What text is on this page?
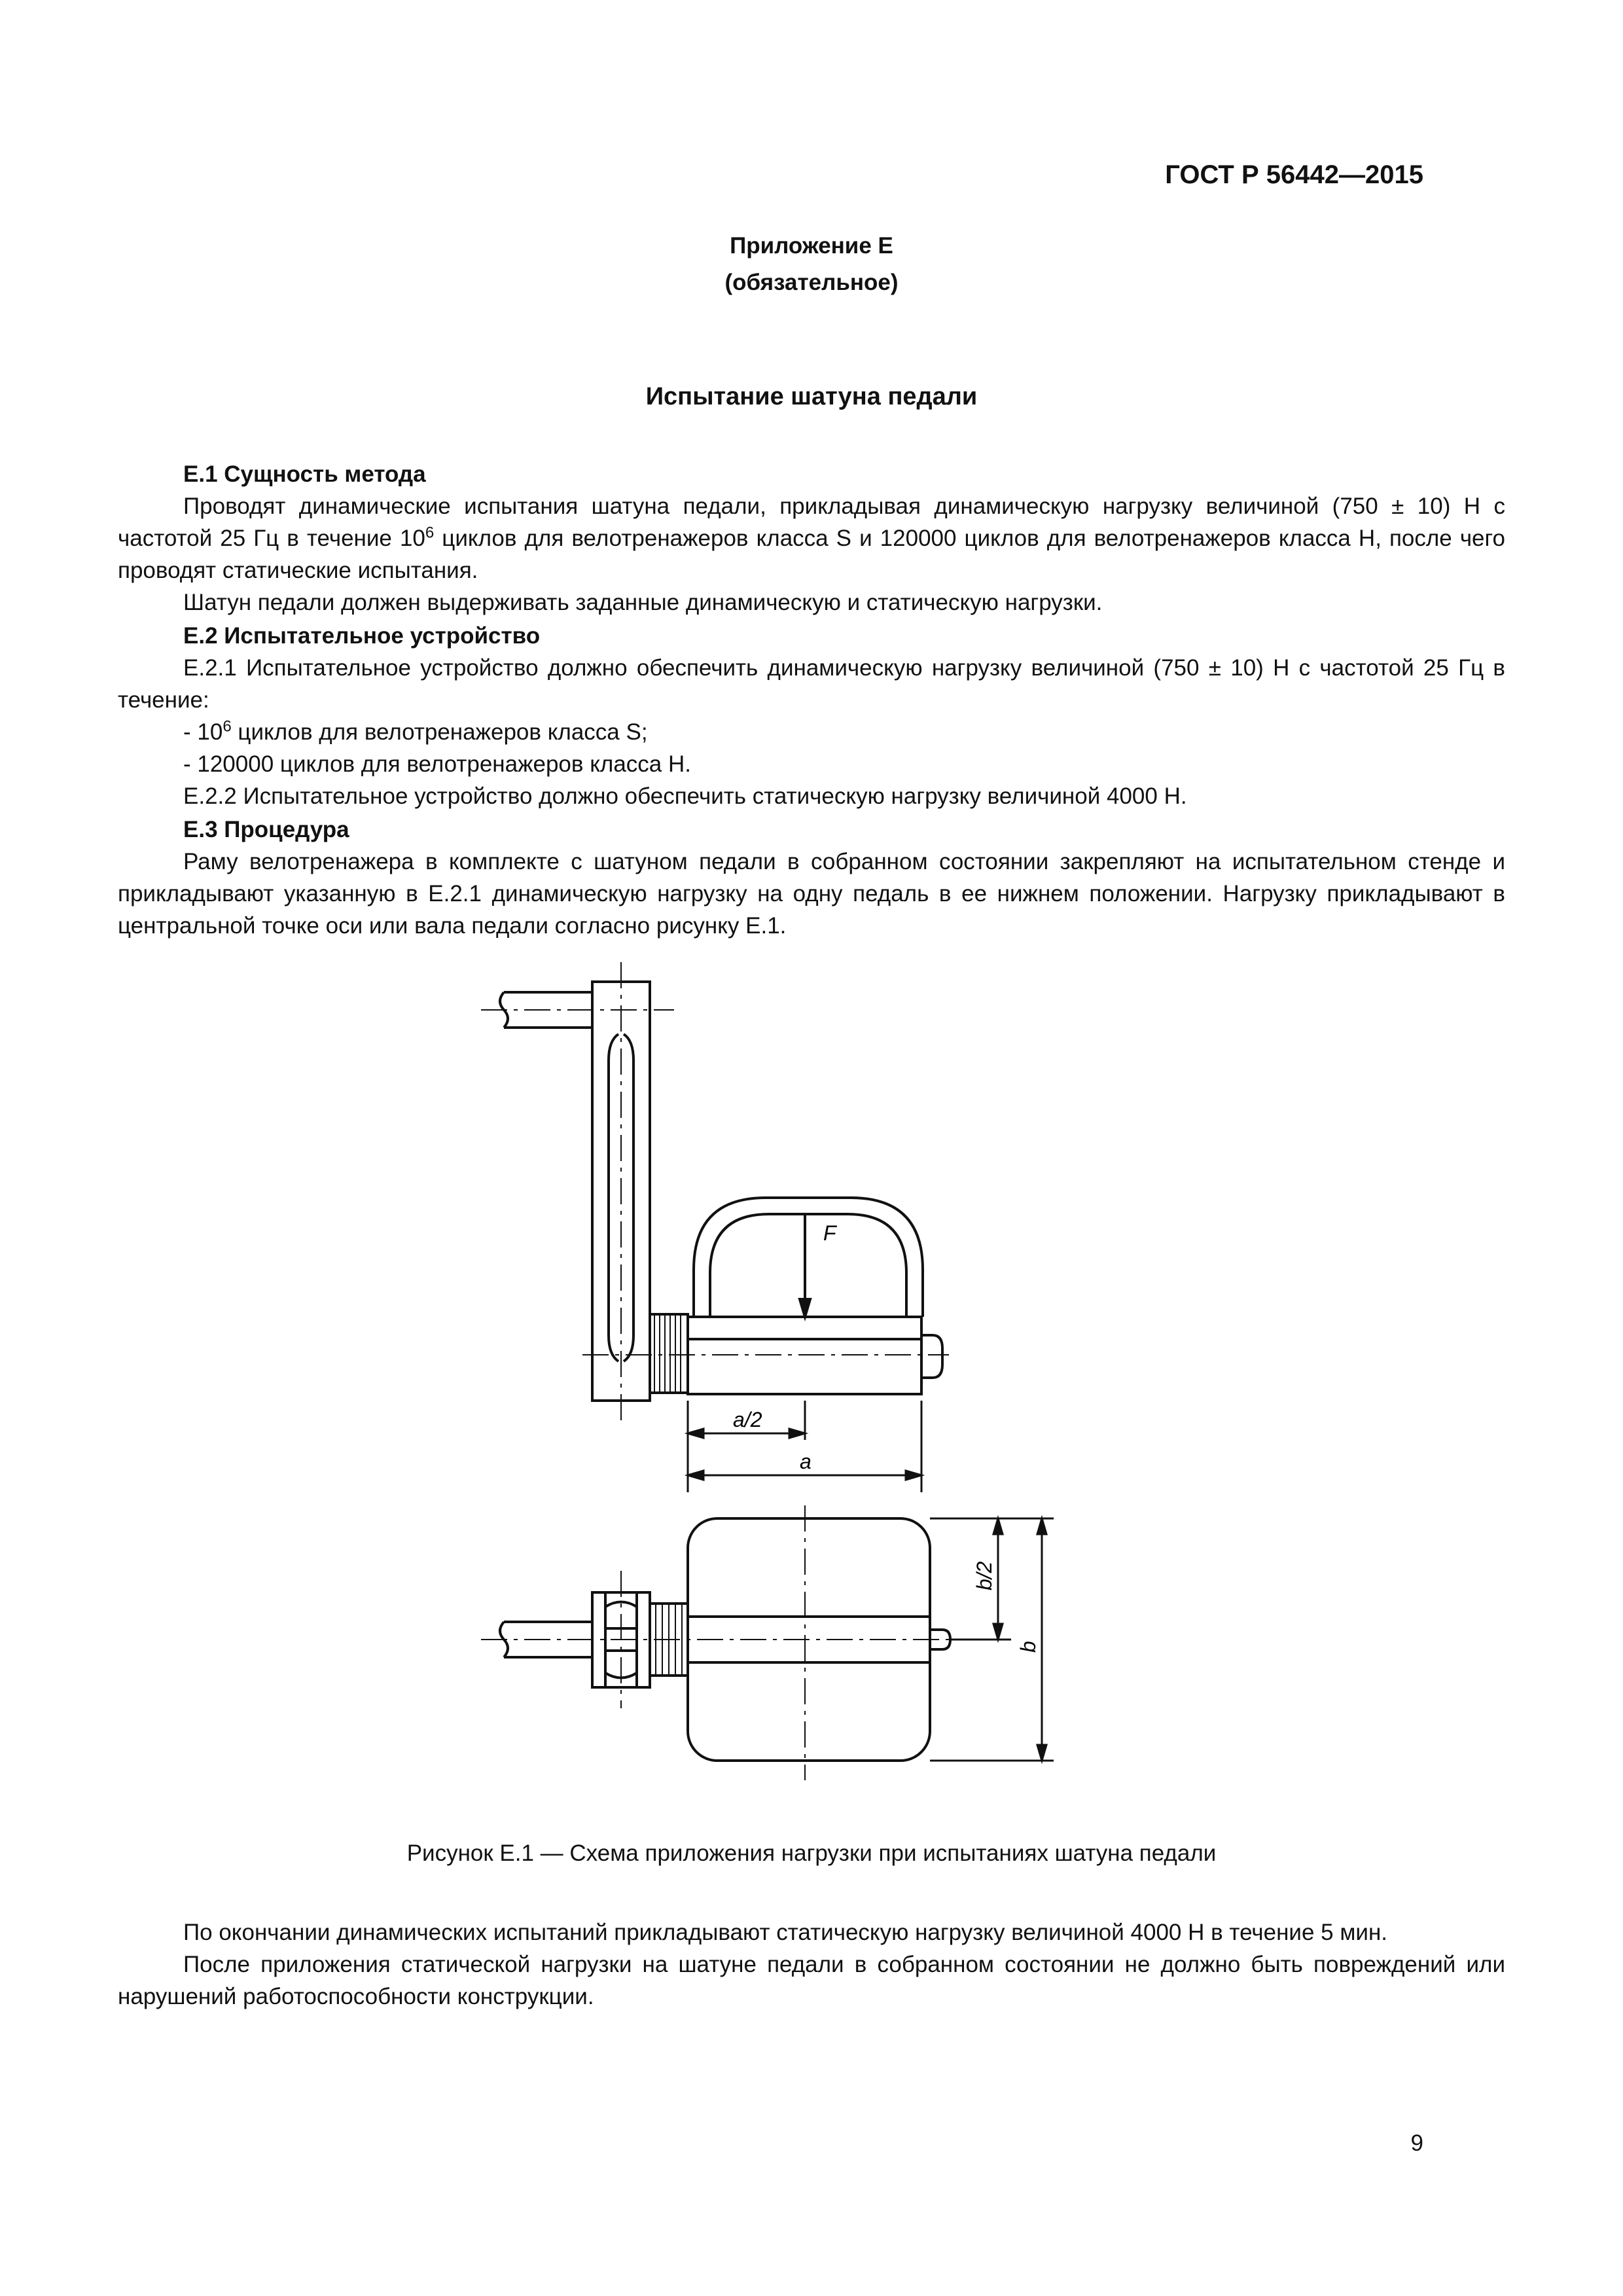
ГОСТ Р 56442—2015
Приложение Е
(обязательное)
Испытание шатуна педали
Е.1 Сущность метода
Проводят динамические испытания шатуна педали, прикладывая динамическую нагрузку величиной (750 ± 10) Н с частотой 25 Гц в течение $10^6$ циклов для велотренажеров класса S и 120000 циклов для велотренажеров класса Н, после чего проводят статические испытания.
Шатун педали должен выдерживать заданные динамическую и статическую нагрузки.
Е.2 Испытательное устройство
Е.2.1 Испытательное устройство должно обеспечить динамическую нагрузку величиной (750 ± 10) Н с частотой 25 Гц в течение:
- $10^6$ циклов для велотренажеров класса S;
- 120000 циклов для велотренажеров класса Н.
Е.2.2 Испытательное устройство должно обеспечить статическую нагрузку величиной 4000 Н.
Е.3 Процедура
Раму велотренажера в комплекте с шатуном педали в собранном состоянии закрепляют на испытательном стенде и прикладывают указанную в Е.2.1 динамическую нагрузку на одну педаль в ее нижнем положении. Нагрузку прикладывают в центральной точке оси или вала педали согласно рисунку Е.1.
F
a/2
a
b/2
b
Рисунок Е.1 — Схема приложения нагрузки при испытаниях шатуна педали
По окончании динамических испытаний прикладывают статическую нагрузку величиной 4000 Н в течение 5 мин.
После приложения статической нагрузки на шатуне педали в собранном состоянии не должно быть повреждений или нарушений работоспособности конструкции.
9
